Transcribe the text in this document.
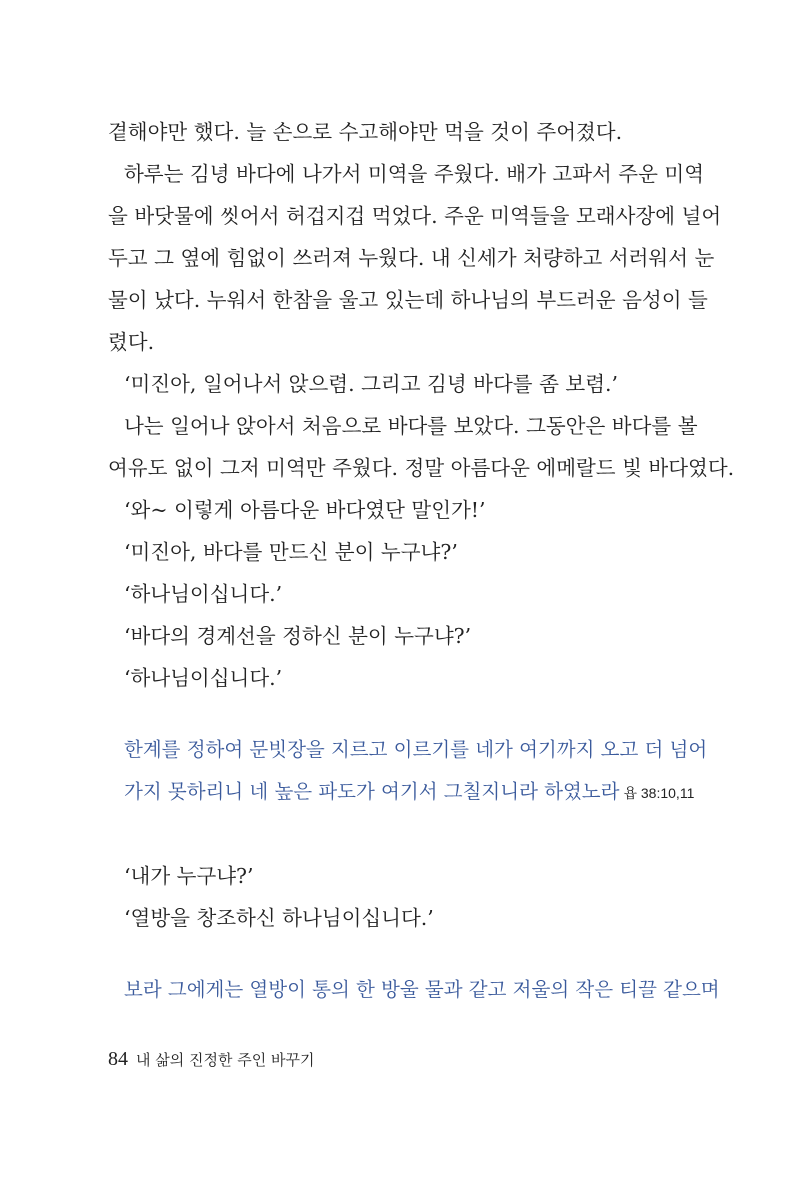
곁해야만 했다. 늘 손으로 수고해야만 먹을 것이 주어졌다.
하루는 김녕 바다에 나가서 미역을 주웠다. 배가 고파서 주운 미역
을 바닷물에 씻어서 허겁지겁 먹었다. 주운 미역들을 모래사장에 널어
두고 그 옆에 힘없이 쓰러져 누웠다. 내 신세가 처량하고 서러워서 눈
물이 났다. 누워서 한참을 울고 있는데 하나님의 부드러운 음성이 들
렸다.
‘미진아, 일어나서 앉으렴. 그리고 김녕 바다를 좀 보렴.’
나는 일어나 앉아서 처음으로 바다를 보았다. 그동안은 바다를 볼
여유도 없이 그저 미역만 주웠다. 정말 아름다운 에메랄드 빛 바다였다.
‘와~ 이렇게 아름다운 바다였단 말인가!’
‘미진아, 바다를 만드신 분이 누구냐?’
‘하나님이십니다.’
‘바다의 경계선을 정하신 분이 누구냐?’
‘하나님이십니다.’
한계를 정하여 문빗장을 지르고 이르기를 네가 여기까지 오고 더 넘어
가지 못하리니 네 높은 파도가 여기서 그칠지니라 하였노라 욥 38:10,11
‘내가 누구냐?’
‘열방을 창조하신 하나님이십니다.’
보라 그에게는 열방이 통의 한 방울 물과 같고 저울의 작은 티끌 같으며
84 내 삶의 진정한 주인 바꾸기
